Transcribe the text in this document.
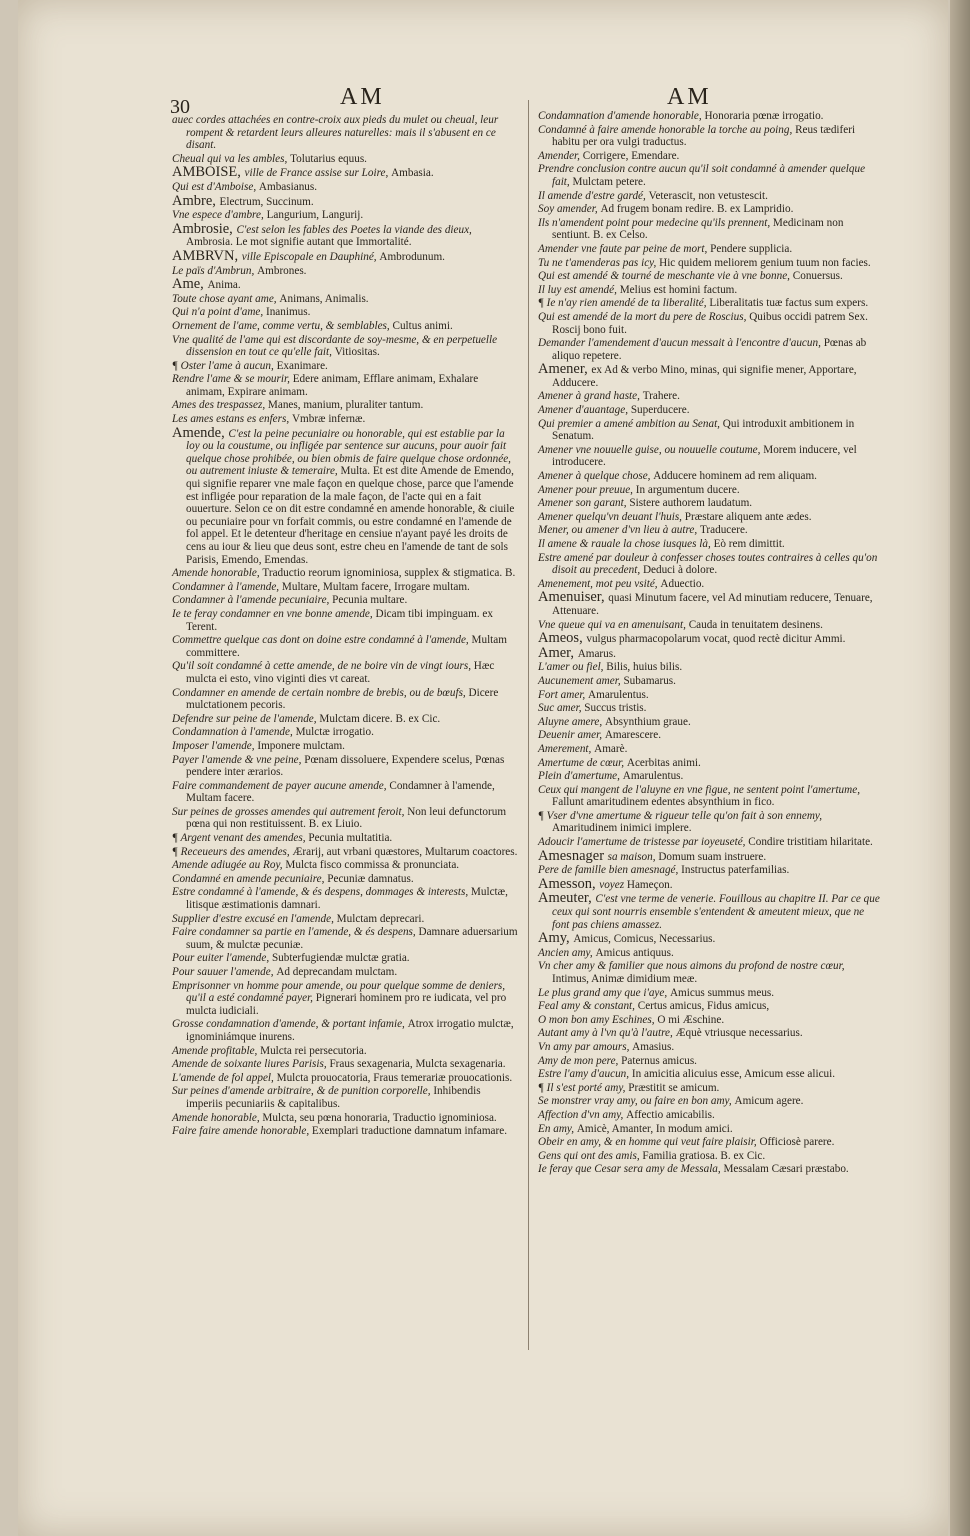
30	AM	AM
auec cordes attachées en contre-croix aux pieds du mulet ou cheual, leur rompent & retardent leurs alleures naturelles: mais il s'abusent en ce disant.
Cheual qui va les ambles, Tolutarius equus.
AMBOISE, ville de France assise sur Loire, Ambasia.
Qui est d'Amboise, Ambasianus.
Ambre, Electrum, Succinum.
Vne espece d'ambre, Langurium, Langurij.
Ambrosie, C'est selon les fables des Poetes la viande des dieux, Ambrosia. Le mot signifie autant que Immortalité.
AMBRVN, ville Episcopale en Dauphiné, Ambrodunum.
Le païs d'Ambrun, Ambrones.
Ame, Anima.
Toute chose ayant ame, Animans, Animalis.
Qui n'a point d'ame, Inanimus.
Ornement de l'ame, comme vertu, & semblables, Cultus animi.
Vne qualité de l'ame qui est discordante de soy-mesme, & en perpetuelle dissension en tout ce qu'elle fait, Vitiositas.
¶ Oster l'ame à aucun, Exanimare.
Rendre l'ame & se mourir, Edere animam, Efflare animam, Exhalare animam, Expirare animam.
Ames des trespassez, Manes, manium, pluraliter tantum.
Les ames estans es enfers, Vmbræ infernæ.
Amende, C'est la peine pecuniaire ou honorable, qui est establie par la loy ou la coustume, ou infligée par sentence sur aucuns, pour auoir fait quelque chose prohibée, ou bien obmis de faire quelque chose ordonnée, ou autrement iniuste & temeraire, Multa. Et est dite Amende de Emendo, qui signifie reparer vne male façon en quelque chose, parce que l'amende est infligée pour reparation de la male façon, de l'acte qui en a fait ouuerture. Selon ce on dit estre condamné en amende honorable, & ciuile ou pecuniaire pour vn forfait commis, ou estre condamné en l'amende de fol appel. Et le detenteur d'heritage en censiue n'ayant payé les droits de cens au iour & lieu que deus sont, estre cheu en l'amende de tant de sols Parisis, Emendo, Emendas.
Amende honorable, Traductio reorum ignominiosa, supplex & stigmatica. B.
Condamner à l'amende, Multare, Multam facere, Irrogare multam.
Condamner à l'amende pecuniaire, Pecunia multare.
Ie te feray condamner en vne bonne amende, Dicam tibi impinguam. ex Terent.
Commettre quelque cas dont on doine estre condamné à l'amende, Multam committere.
Qu'il soit condamné à cette amende, de ne boire vin de vingt iours, Hæc mulcta ei esto, vino viginti dies vt careat.
Condamner en amende de certain nombre de brebis, ou de bœufs, Dicere mulctationem pecoris.
Defendre sur peine de l'amende, Mulctam dicere. B. ex Cic.
Condamnation à l'amende, Mulctæ irrogatio.
Imposer l'amende, Imponere mulctam.
Payer l'amende & vne peine, Pœnam dissoluere, Expendere scelus, Pœnas pendere inter ærarios.
Faire commandement de payer aucune amende, Condamner à l'amende, Multam facere.
Sur peines de grosses amendes qui autrement feroit, Non leui defunctorum pœna qui non restituissent. B. ex Liuio.
¶ Argent venant des amendes, Pecunia multatitia.
¶ Receueurs des amendes, Ærarij, aut vrbani quæstores, Multarum coactores.
Amende adiugée au Roy, Mulcta fisco commissa & pronunciata.
Condamné en amende pecuniaire, Pecuniæ damnatus.
Estre condamné à l'amende, & és despens, dommages & interests, Mulctæ, litisque æstimationis damnari.
Supplier d'estre excusé en l'amende, Mulctam deprecari.
Faire condamner sa partie en l'amende, & és despens, Damnare aduersarium suum, & mulctæ pecuniæ.
Pour euiter l'amende, Subterfugiendæ mulctæ gratia.
Pour sauuer l'amende, Ad deprecandam mulctam.
Emprisonner vn homme pour amende, ou pour quelque somme de deniers, qu'il a esté condamné payer, Pignerari hominem pro re iudicata, vel pro mulcta iudiciali.
Grosse condamnation d'amende, & portant infamie, Atrox irrogatio mulctæ, ignominiámque inurens.
Amende profitable, Mulcta rei persecutoria.
Amende de soixante liures Parisis, Fraus sexagenaria, Mulcta sexagenaria.
L'amende de fol appel, Mulcta prouocatoria, Fraus temerariæ prouocationis.
Sur peines d'amende arbitraire, & de punition corporelle, Inhibendis imperiis pecuniariis & capitalibus.
Amende honorable, Mulcta, seu pœna honoraria, Traductio ignominiosa.
Faire faire amende honorable, Exemplari traductione damnatum infamare.
Condamnation d'amende honorable, Honoraria pœnæ irrogatio.
Condamné à faire amende honorable la torche au poing, Reus tædiferi habitu per ora vulgi traductus.
Amender, Corrigere, Emendare.
Prendre conclusion contre aucun qu'il soit condamné à amender quelque fait, Mulctam petere.
Il amende d'estre gardé, Veterascit, non vetustescit.
Soy amender, Ad frugem bonam redire. B. ex Lampridio.
Ils n'amendent point pour medecine qu'ils prennent, Medicinam non sentiunt. B. ex Celso.
Amender vne faute par peine de mort, Pendere supplicia.
Tu ne t'amenderas pas icy, Hic quidem meliorem genium tuum non facies.
Qui est amendé & tourné de meschante vie à vne bonne, Conuersus.
Il luy est amendé, Melius est homini factum.
¶ Ie n'ay rien amendé de ta liberalité, Liberalitatis tuæ factus sum expers.
Qui est amendé de la mort du pere de Roscius, Quibus occidi patrem Sex. Roscij bono fuit.
Demander l'amendement d'aucun messait à l'encontre d'aucun, Pœnas ab aliquo repetere.
Amener, ex Ad & verbo Mino, minas, qui signifie mener, Apportare, Adducere.
Amener à grand haste, Trahere.
Amener d'auantage, Superducere.
Qui premier a amené ambition au Senat, Qui introduxit ambitionem in Senatum.
Amener vne nouuelle guise, ou nouuelle coutume, Morem inducere, vel introducere.
Amener à quelque chose, Adducere hominem ad rem aliquam.
Amener pour preuue, In argumentum ducere.
Amener son garant, Sistere authorem laudatum.
Amener quelqu'vn deuant l'huis, Præstare aliquem ante ædes.
Mener, ou amener d'vn lieu à autre, Traducere.
Il amene & rauale la chose iusques là, Eò rem dimittit.
Estre amené par douleur à confesser choses toutes contraires à celles qu'on disoit au precedent, Deduci à dolore.
Amenement, mot peu vsité, Aduectio.
Amenuiser, quasi Minutum facere, vel Ad minutiam reducere, Tenuare, Attenuare.
Vne queue qui va en amenuisant, Cauda in tenuitatem desinens.
Ameos, vulgus pharmacopolarum vocat, quod rectè dicitur Ammi.
Amer, Amarus.
L'amer ou fiel, Bilis, huius bilis.
Aucunement amer, Subamarus.
Fort amer, Amarulentus.
Suc amer, Succus tristis.
Aluyne amere, Absynthium graue.
Deuenir amer, Amarescere.
Amerement, Amarè.
Amertume de cœur, Acerbitas animi.
Plein d'amertume, Amarulentus.
Ceux qui mangent de l'aluyne en vne figue, ne sentent point l'amertume, Fallunt amaritudinem edentes absynthium in fico.
¶ Vser d'vne amertume & rigueur telle qu'on fait à son ennemy, Amaritudinem inimici implere.
Adoucir l'amertume de tristesse par ioyeuseté, Condire tristitiam hilaritate.
Amesnager sa maison, Domum suam instruere.
Pere de famille bien amesnagé, Instructus paterfamilias.
Amesson, voyez Hameçon.
Ameuter, C'est vne terme de venerie. Fouillous au chapitre II. Par ce que ceux qui sont nourris ensemble s'entendent & ameutent mieux, que ne font pas chiens amassez.
Amy, Amicus, Comicus, Necessarius.
Ancien amy, Amicus antiquus.
Vn cher amy & familier que nous aimons du profond de nostre cœur, Intimus, Animæ dimidium meæ.
Le plus grand amy que i'aye, Amicus summus meus.
Feal amy & constant, Certus amicus, Fidus amicus,
O mon bon amy Eschines, O mi Æschine.
Autant amy à l'vn qu'à l'autre, Æquè vtriusque necessarius.
Vn amy par amours, Amasius.
Amy de mon pere, Paternus amicus.
Estre l'amy d'aucun, In amicitia alicuius esse, Amicum esse alicui.
¶ Il s'est porté amy, Præstitit se amicum.
Se monstrer vray amy, ou faire en bon amy, Amicum agere.
Affection d'vn amy, Affectio amicabilis.
En amy, Amicè, Amanter, In modum amici.
Obeir en amy, & en homme qui veut faire plaisir, Officiosè parere.
Gens qui ont des amis, Familia gratiosa. B. ex Cic.
Ie feray que Cesar sera amy de Messala, Messalam Cæsari præstabo.
